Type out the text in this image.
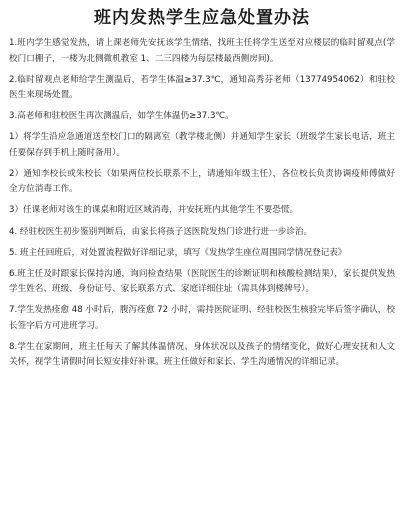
班内发热学生应急处置办法

1.班内学生感觉发热，请上课老师先安抚该学生情绪，找班主任将学生送至对应楼层的临时留观点(学校门口棚子，一楼为北侧微机教室 1、二三四楼为每层楼最西侧房间)。

2.临时留观点老师给学生测温后，若学生体温≥37.3℃，通知高秀芬老师（13774954062）和驻校医生来现场处置。

3.高老师和驻校医生再次测温后，如学生体温仍≥37.3℃。

1）将学生沿应急通道送至校门口的隔离室（教学楼北侧）并通知学生家长（班级学生家长电话，班主任要保存到手机上随时备用）。

2）通知李校长或朱校长（如果两位校长联系不上，请通知年级主任），各位校长负责协调疫师傅做好全方位消毒工作。

3）任课老师对该生的课桌和附近区域消毒，并安抚班内其他学生不要恐慌。

4. 经驻校医生初步鉴别判断后，由家长将孩子送医院发热门诊进行进一步诊治。

5. 班主任回班后，对处置流程做好详细记录，填写《发热学生座位周围同学情况登记表》

6.班主任及时跟家长保持沟通，询问检查结果（医院医生的诊断证明和核酸检测结果），家长提供发热学生姓名、班级、身份证号、家长联系方式、家庭详细住址（需具体到楼牌号）。

7.学生发热痊愈 48 小时后，腹泻痊愈 72 小时，需持医院证明、经驻校医生核验完毕后签字确认，校长签字后方可进班学习。

8.学生在家期间，班主任每天了解其体温情况、身体状况以及孩子的情绪变化，做好心理安抚和人文关怀，视学生请假时间长短安排好补课。班主任做好和家长、学生沟通情况的详细记录。
